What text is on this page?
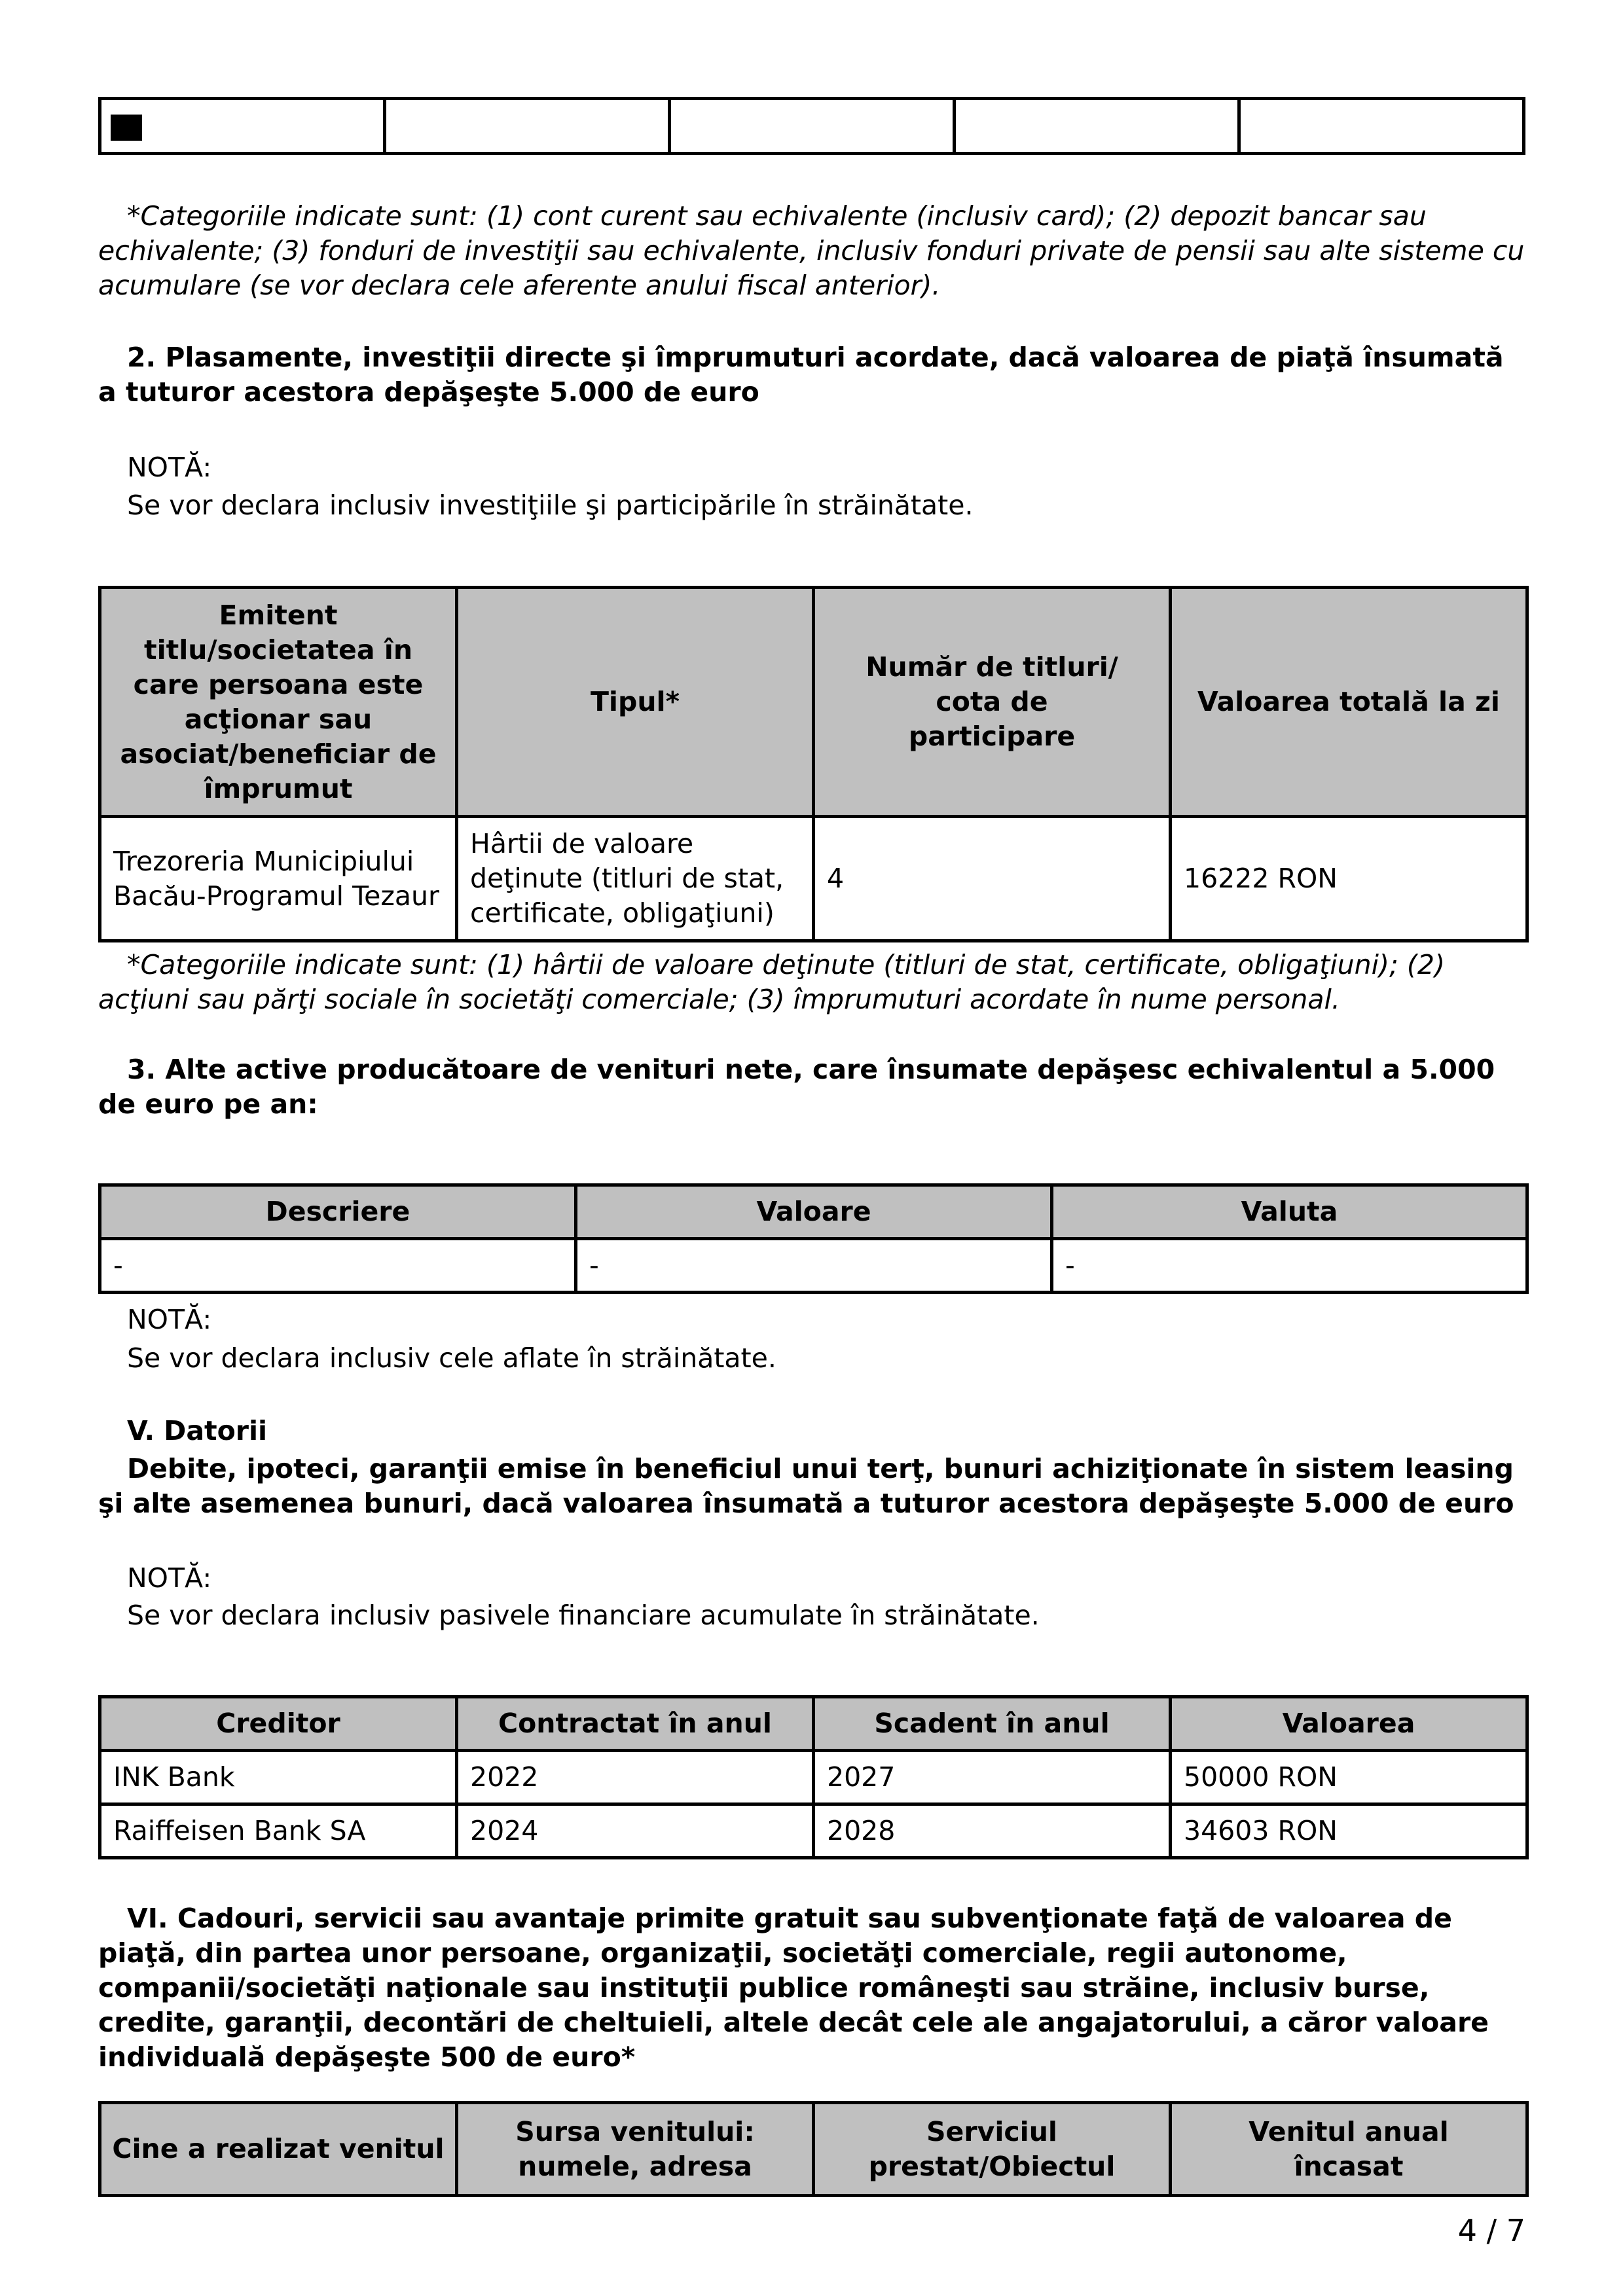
*Categoriile indicate sunt: (1) cont curent sau echivalente (inclusiv card); (2) depozit bancar sau echivalente; (3) fonduri de investiţii sau echivalente, inclusiv fonduri private de pensii sau alte sisteme cu acumulare (se vor declara cele aferente anului fiscal anterior).
2. Plasamente, investiţii directe şi împrumuturi acordate, dacă valoarea de piaţă însumată a tuturor acestora depăşeşte 5.000 de euro
NOTĂ:
Se vor declara inclusiv investiţiile şi participările în străinătate.
Emitent titlu/societatea în care persoana este acţionar sau asociat/beneficiar de împrumut	Tipul*	Număr de titluri/ cota de participare	Valoarea totală la zi
Trezoreria Municipiului Bacău-Programul Tezaur	Hârtii de valoare deţinute (titluri de stat, certificate, obligaţiuni)	4	16222 RON
*Categoriile indicate sunt: (1) hârtii de valoare deţinute (titluri de stat, certificate, obligaţiuni); (2) acţiuni sau părţi sociale în societăţi comerciale; (3) împrumuturi acordate în nume personal.
3. Alte active producătoare de venituri nete, care însumate depăşesc echivalentul a 5.000 de euro pe an:
Descriere	Valoare	Valuta
-	-	-
NOTĂ:
Se vor declara inclusiv cele aflate în străinătate.
V. Datorii
Debite, ipoteci, garanţii emise în beneficiul unui terţ, bunuri achiziţionate în sistem leasing şi alte asemenea bunuri, dacă valoarea însumată a tuturor acestora depăşeşte 5.000 de euro
NOTĂ:
Se vor declara inclusiv pasivele financiare acumulate în străinătate.
Creditor	Contractat în anul	Scadent în anul	Valoarea
INK Bank	2022	2027	50000 RON
Raiffeisen Bank SA	2024	2028	34603 RON
VI. Cadouri, servicii sau avantaje primite gratuit sau subvenţionate faţă de valoarea de piaţă, din partea unor persoane, organizaţii, societăţi comerciale, regii autonome, companii/societăţi naţionale sau instituţii publice româneşti sau străine, inclusiv burse, credite, garanţii, decontări de cheltuieli, altele decât cele ale angajatorului, a căror valoare individuală depăşeşte 500 de euro*
Cine a realizat venitul	Sursa venitului: numele, adresa	Serviciul prestat/Obiectul	Venitul anual încasat
4 / 7
